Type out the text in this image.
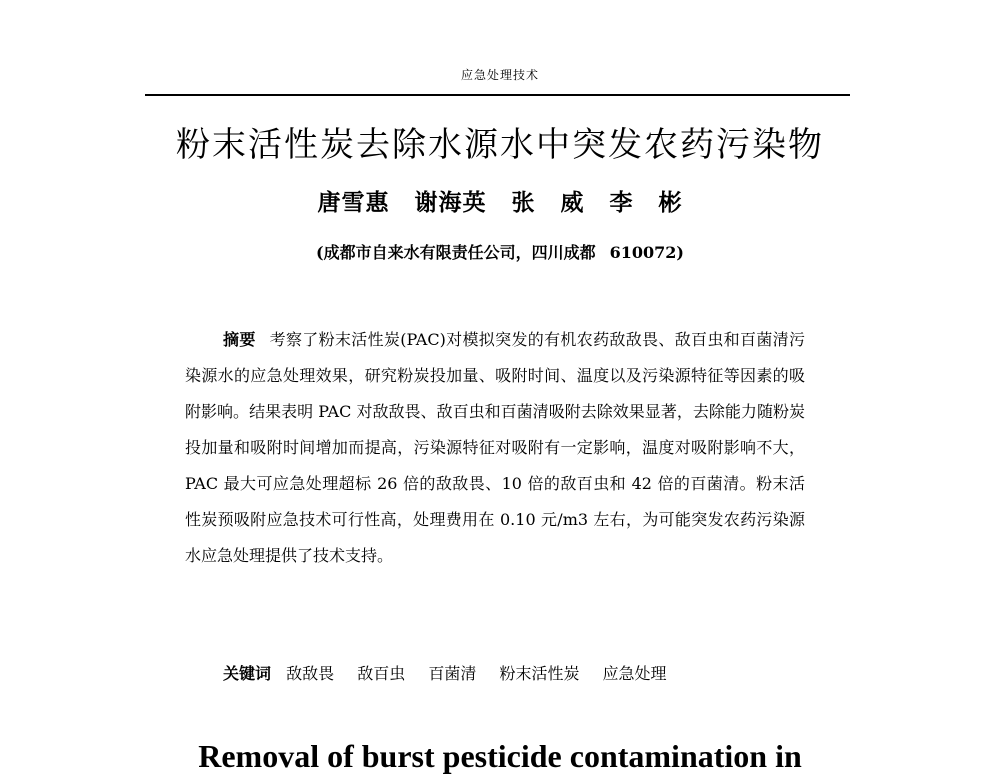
应急处理技术
粉末活性炭去除水源水中突发农药污染物
唐雪惠 谢海英 张 威 李 彬
(成都市自来水有限责任公司，四川成都 610072)
摘要 考察了粉末活性炭(PAC)对模拟突发的有机农药敌敌畏、敌百虫和百菌清污染源水的应急处理效果，研究粉炭投加量、吸附时间、温度以及污染源特征等因素的吸附影响。结果表明 PAC 对敌敌畏、敌百虫和百菌清吸附去除效果显著，去除能力随粉炭投加量和吸附时间增加而提高，污染源特征对吸附有一定影响，温度对吸附影响不大，PAC 最大可应急处理超标 26 倍的敌敌畏、10 倍的敌百虫和 42 倍的百菌清。粉末活性炭预吸附应急技术可行性高，处理费用在 0.10 元/m3 左右，为可能突发农药污染源水应急处理提供了技术支持。
关键词 敌敌畏 敌百虫 百菌清 粉末活性炭 应急处理
Removal of burst pesticide contamination in
